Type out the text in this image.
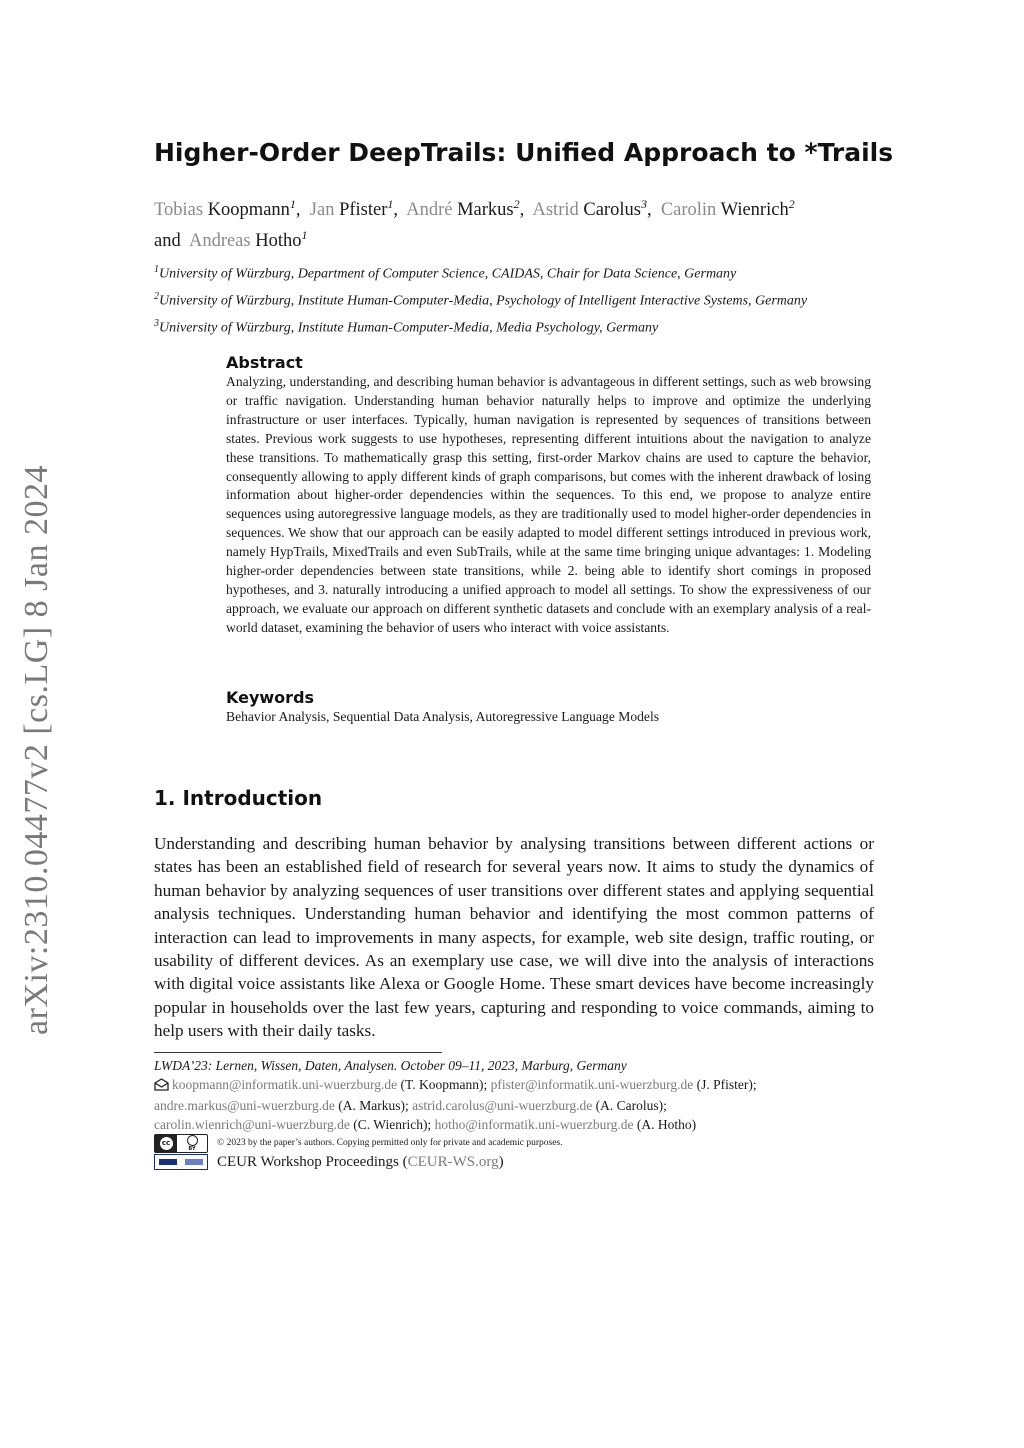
arXiv:2310.04477v2 [cs.LG] 8 Jan 2024
Higher-Order DeepTrails: Unified Approach to *Trails
Tobias Koopmann$^1$,  Jan Pfister$^1$,  André Markus$^2$,  Astrid Carolus$^3$,  Carolin Wienrich$^2$
and Andreas Hotho$^1$
$^1$University of Würzburg, Department of Computer Science, CAIDAS, Chair for Data Science, Germany
$^2$University of Würzburg, Institute Human-Computer-Media, Psychology of Intelligent Interactive Systems, Germany
$^3$University of Würzburg, Institute Human-Computer-Media, Media Psychology, Germany
Abstract

Analyzing, understanding, and describing human behavior is advantageous in different settings, such as web browsing or traffic navigation. Understanding human behavior naturally helps to improve and optimize the underlying infrastructure or user interfaces. Typically, human navigation is represented by sequences of transitions between states. Previous work suggests to use hypotheses, representing different intuitions about the navigation to analyze these transitions. To mathematically grasp this setting, first-order Markov chains are used to capture the behavior, consequently allowing to apply different kinds of graph comparisons, but comes with the inherent drawback of losing information about higher-order dependencies within the sequences. To this end, we propose to analyze entire sequences using autoregressive language models, as they are traditionally used to model higher-order dependencies in sequences. We show that our approach can be easily adapted to model different settings introduced in previous work, namely HypTrails, MixedTrails and even SubTrails, while at the same time bringing unique advantages: 1. Modeling higher-order dependencies between state transitions, while 2. being able to identify short comings in proposed hypotheses, and 3. naturally introducing a unified approach to model all settings. To show the expressiveness of our approach, we evaluate our approach on different synthetic datasets and conclude with an exemplary analysis of a real-world dataset, examining the behavior of users who interact with voice assistants.

Keywords

Behavior Analysis, Sequential Data Analysis, Autoregressive Language Models

1. Introduction

Understanding and describing human behavior by analysing transitions between different actions or states has been an established field of research for several years now. It aims to study the dynamics of human behavior by analyzing sequences of user transitions over different states and applying sequential analysis techniques. Understanding human behavior and identifying the most common patterns of interaction can lead to improvements in many aspects, for example, web site design, traffic routing, or usability of different devices. As an exemplary use case, we will dive into the analysis of interactions with digital voice assistants like Alexa or Google Home. These smart devices have become increasingly popular in households over the last few years, capturing and responding to voice commands, aiming to help users with their daily tasks.

LWDA’23: Lernen, Wissen, Daten, Analysen. October 09–11, 2023, Marburg, Germany
koopmann@informatik.uni-wuerzburg.de (T. Koopmann); pfister@informatik.uni-wuerzburg.de (J. Pfister);
andre.markus@uni-wuerzburg.de (A. Markus); astrid.carolus@uni-wuerzburg.de (A. Carolus);
carolin.wienrich@uni-wuerzburg.de (C. Wienrich); hotho@informatik.uni-wuerzburg.de (A. Hotho)
cc
BY
© 2023 by the paper’s authors. Copying permitted only for private and academic purposes.
CEUR Workshop Proceedings (CEUR-WS.org)
